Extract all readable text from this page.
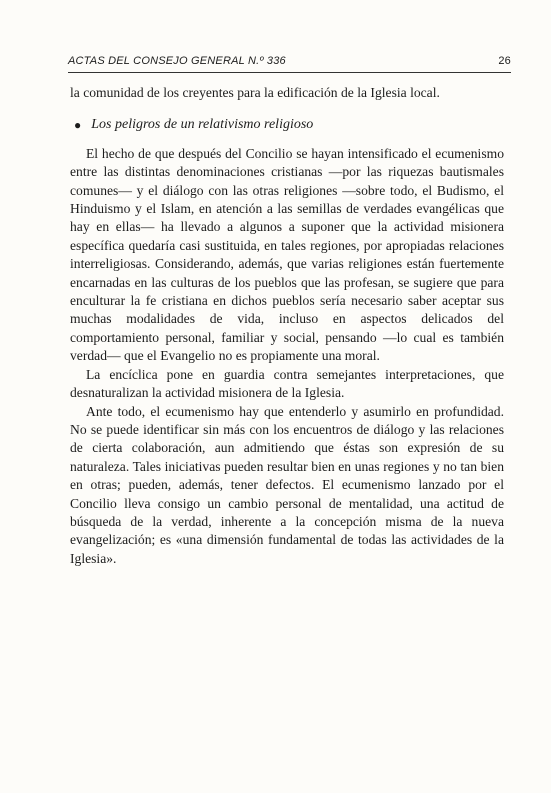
ACTAS DEL CONSEJO GENERAL N.º 336	26

la comunidad de los creyentes para la edificación de la Iglesia local.

● Los peligros de un relativismo religioso

El hecho de que después del Concilio se hayan intensificado el ecumenismo entre las distintas denominaciones cristianas —por las riquezas bautismales comunes— y el diálogo con las otras religiones —sobre todo, el Budismo, el Hinduismo y el Islam, en atención a las semillas de verdades evangélicas que hay en ellas— ha llevado a algunos a suponer que la actividad misionera específica quedaría casi sustituida, en tales regiones, por apropiadas relaciones interreligiosas. Considerando, además, que varias religiones están fuertemente encarnadas en las culturas de los pueblos que las profesan, se sugiere que para enculturar la fe cristiana en dichos pueblos sería necesario saber aceptar sus muchas modalidades de vida, incluso en aspectos delicados del comportamiento personal, familiar y social, pensando —lo cual es también verdad— que el Evangelio no es propiamente una moral.

La encíclica pone en guardia contra semejantes interpretaciones, que desnaturalizan la actividad misionera de la Iglesia.

Ante todo, el ecumenismo hay que entenderlo y asumirlo en profundidad. No se puede identificar sin más con los encuentros de diálogo y las relaciones de cierta colaboración, aun admitiendo que éstas son expresión de su naturaleza. Tales iniciativas pueden resultar bien en unas regiones y no tan bien en otras; pueden, además, tener defectos. El ecumenismo lanzado por el Concilio lleva consigo un cambio personal de mentalidad, una actitud de búsqueda de la verdad, inherente a la concepción misma de la nueva evangelización; es «una dimensión fundamental de todas las actividades de la Iglesia».
